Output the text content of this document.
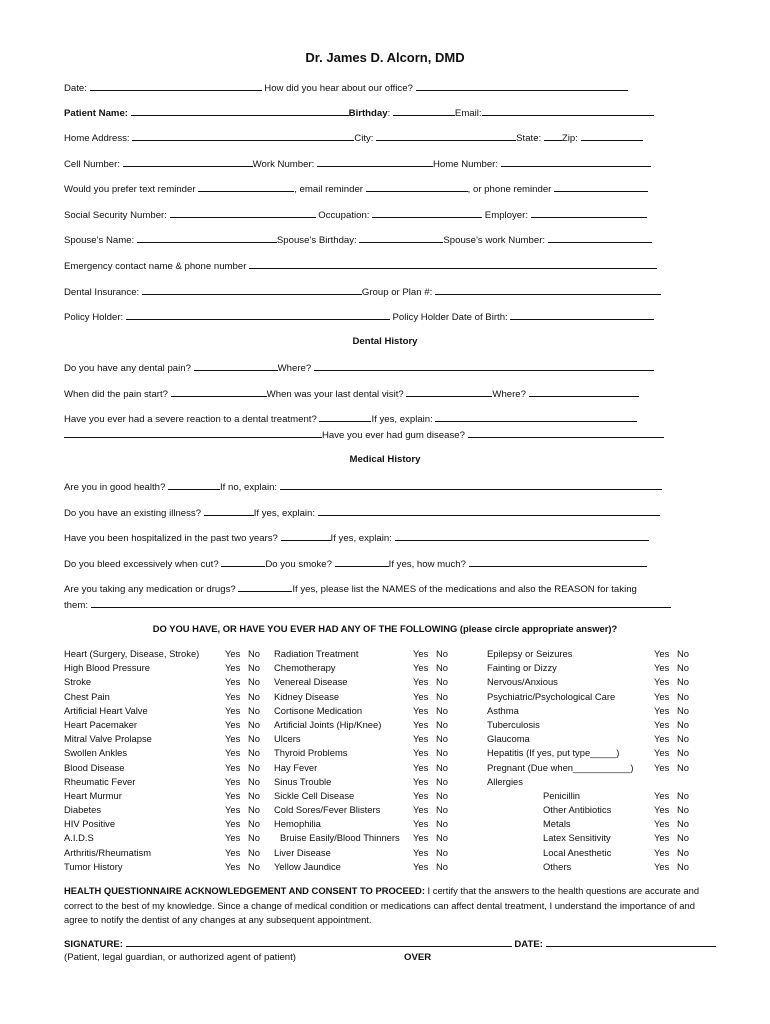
Dr. James D. Alcorn, DMD
Date:	How did you hear about our office?
Patient Name:	Birthday:	Email:
Home Address:	City:	State: Zip:
Cell Number:	Work Number:	Home Number:
Would you prefer text reminder	, email reminder	, or phone reminder
Social Security Number:	Occupation:	Employer:
Spouse’s Name:	Spouse’s Birthday:	Spouse’s work Number:
Emergency contact name & phone number
Dental Insurance:	Group or Plan #:
Policy Holder:	Policy Holder Date of Birth:
Dental History
Do you have any dental pain?	Where?
When did the pain start?	When was your last dental visit?	Where?
Have you ever had a severe reaction to a dental treatment?	If yes, explain:
Have you ever had gum disease?
Medical History
Are you in good health?	If no, explain:
Do you have an existing illness?	If yes, explain:
Have you been hospitalized in the past two years?	If yes, explain:
Do you bleed excessively when cut?	Do you smoke?	If yes, how much?
Are you taking any medication or drugs?	If yes, please list the NAMES of the medications and also the REASON for taking
them:
DO YOU HAVE, OR HAVE YOU EVER HAD ANY OF THE FOLLOWING (please circle appropriate answer)?
Heart (Surgery, Disease, Stroke)	Yes No
High Blood Pressure	Yes No
Stroke	Yes No
Chest Pain	Yes No
Artificial Heart Valve	Yes No
Heart Pacemaker	Yes No
Mitral Valve Prolapse	Yes No
Swollen Ankles	Yes No
Blood Disease	Yes No
Rheumatic Fever	Yes No
Heart Murmur	Yes No
Diabetes	Yes No
HIV Positive	Yes No
A.I.D.S	Yes No
Arthritis/Rheumatism	Yes No
Tumor History	Yes No
Radiation Treatment	Yes No
Chemotherapy	Yes No
Venereal Disease	Yes No
Kidney Disease	Yes No
Cortisone Medication	Yes No
Artificial Joints (Hip/Knee)	Yes No
Ulcers	Yes No
Thyroid Problems	Yes No
Hay Fever	Yes No
Sinus Trouble	Yes No
Sickle Cell Disease	Yes No
Cold Sores/Fever Blisters	Yes No
Hemophilia	Yes No
Bruise Easily/Blood Thinners Yes No
Liver Disease	Yes No
Yellow Jaundice	Yes No
Epilepsy or Seizures	Yes No
Fainting or Dizzy	Yes No
Nervous/Anxious	Yes No
Psychiatric/Psychological Care	Yes No
Asthma	Yes No
Tuberculosis	Yes No
Glaucoma	Yes No
Hepatitis (If yes, put type_____)	Yes No
Pregnant (Due when___________) Yes No
Allergies
Penicillin	Yes No
Other Antibiotics	Yes No
Metals	Yes No
Latex Sensitivity	Yes No
Local Anesthetic	Yes No
Others	Yes No
HEALTH QUESTIONNAIRE ACKNOWLEDGEMENT AND CONSENT TO PROCEED: I certify that the answers to the health questions are accurate and correct to the best of my knowledge. Since a change of medical condition or medications can affect dental treatment, I understand the importance of and agree to notify the dentist of any changes at any subsequent appointment.
SIGNATURE:	DATE:
(Patient, legal guardian, or authorized agent of patient)	OVER
